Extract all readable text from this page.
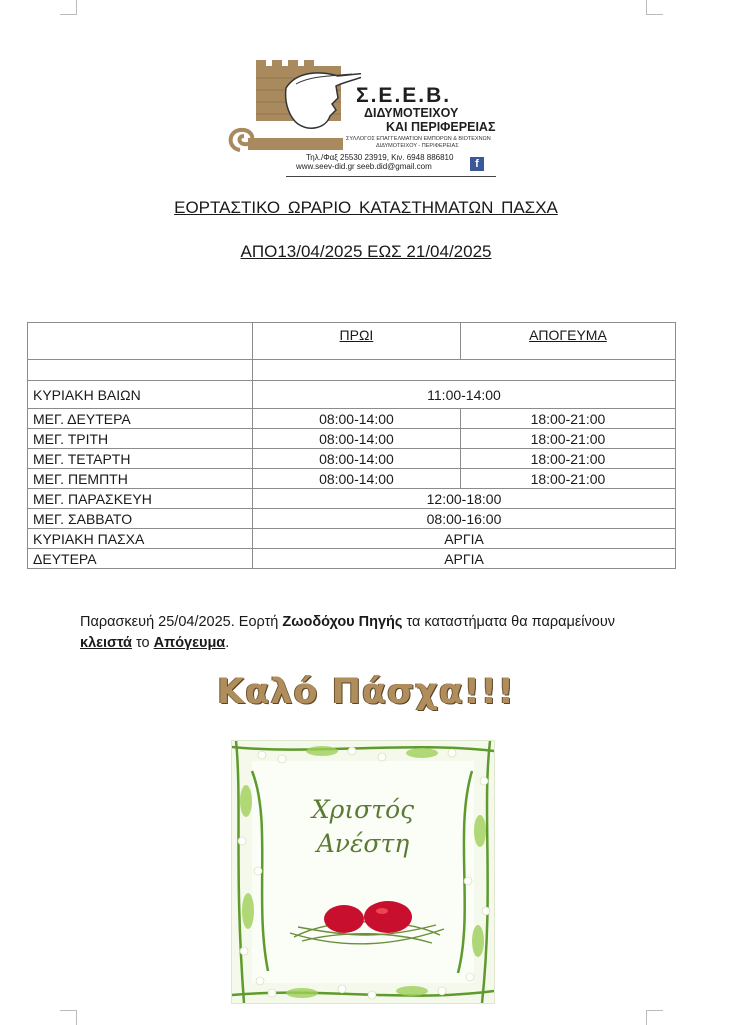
Σ.Ε.Ε.Β.
ΔΙΔΥΜΟΤΕΙΧΟΥ
ΚΑΙ ΠΕΡΙΦΕΡΕΙΑΣ
ΣΥΛΛΟΓΟΣ ΕΠΑΓΓΕΛΜΑΤΙΩΝ ΕΜΠΟΡΩΝ & ΒΙΟΤΕΧΝΩΝ
ΔΙΔΥΜΟΤΕΙΧΟΥ - ΠΕΡΙΦΕΡΕΙΑΣ
Τηλ./Φαξ 25530 23919, Κιν. 6948 886810
www.seev-did.gr seeb.did@gmail.com	f
ΕΟΡΤΑΣΤΙΚΟ ΩΡΑΡΙΟ ΚΑΤΑΣΤΗΜΑΤΩΝ ΠΑΣΧΑ
ΑΠΟ13/04/2025 ΕΩΣ 21/04/2025
	ΠΡΩΙ	ΑΠΟΓΕΥΜΑ

ΚΥΡΙΑΚΗ ΒΑΙΩΝ	11:00-14:00	
ΜΕΓ. ΔΕΥΤΕΡΑ	08:00-14:00	18:00-21:00
ΜΕΓ. ΤΡΙΤΗ	08:00-14:00	18:00-21:00
ΜΕΓ. ΤΕΤΑΡΤΗ	08:00-14:00	18:00-21:00
ΜΕΓ. ΠΕΜΠΤΗ	08:00-14:00	18:00-21:00
ΜΕΓ. ΠΑΡΑΣΚΕΥΗ	12:00-18:00	
ΜΕΓ. ΣΑΒΒΑΤΟ	08:00-16:00	
ΚΥΡΙΑΚΗ ΠΑΣΧΑ	ΑΡΓΙΑ	
ΔΕΥΤΕΡΑ	ΑΡΓΙΑ	
Παρασκευή 25/04/2025. Εορτή Ζωοδόχου Πηγής τα καταστήματα θα παραμείνουν κλειστά το Απόγευμα.
Καλό Πάσχα!!!
Χριστός
Ανέστη
